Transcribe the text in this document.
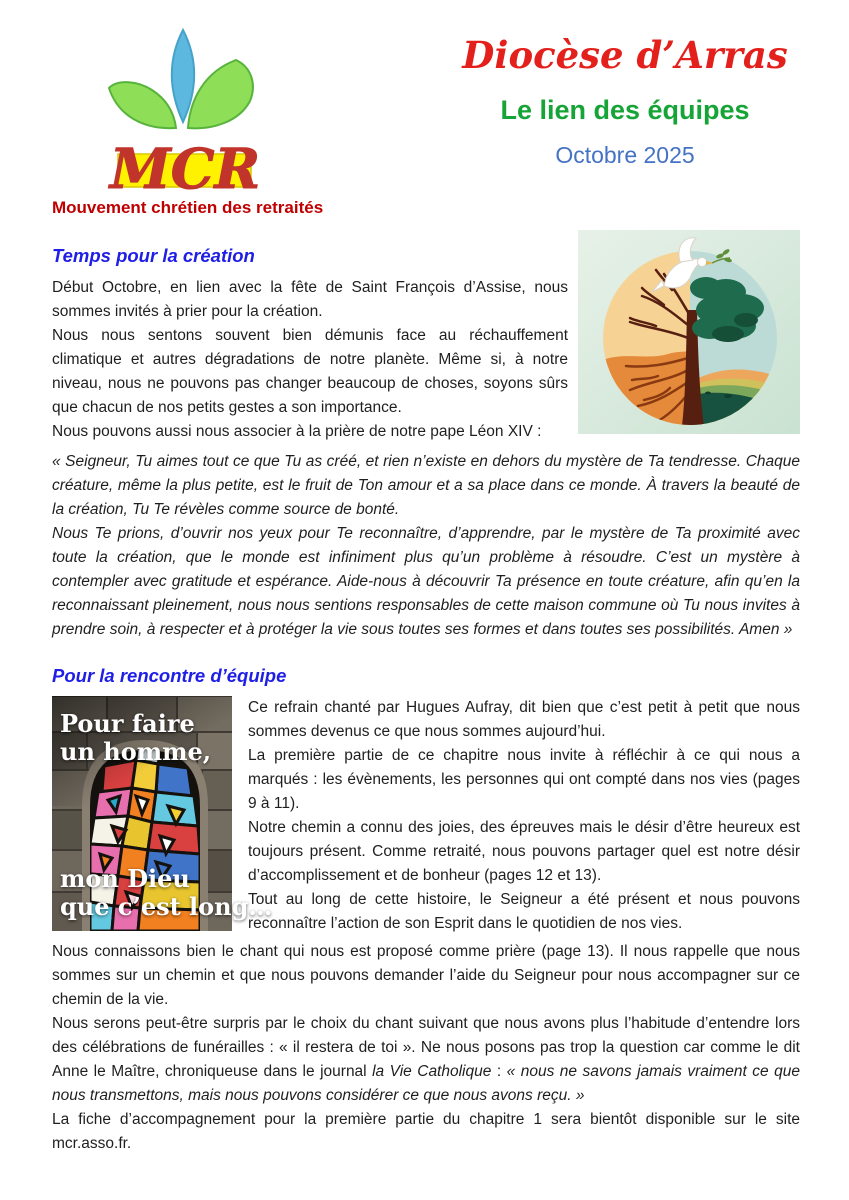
MCR
Mouvement chrétien des retraités
Diocèse d’Arras
Le lien des équipes
Octobre 2025
Temps pour la création

Début Octobre, en lien avec la fête de Saint François d’Assise, nous sommes invités à prier pour la création.

Nous nous sentons souvent bien démunis face au réchauffement climatique et autres dégradations de notre planète. Même si, à notre niveau, nous ne pouvons pas changer beaucoup de choses, soyons sûrs que chacun de nos petits gestes a son importance.

Nous pouvons aussi nous associer à la prière de notre pape Léon XIV :

« Seigneur, Tu aimes tout ce que Tu as créé, et rien n’existe en dehors du mystère de Ta tendresse. Chaque créature, même la plus petite, est le fruit de Ton amour et a sa place dans ce monde. À travers la beauté de la création, Tu Te révèles comme source de bonté.

Nous Te prions, d’ouvrir nos yeux pour Te reconnaître, d’apprendre, par le mystère de Ta proximité avec toute la création, que le monde est infiniment plus qu’un problème à résoudre. C’est un mystère à contempler avec gratitude et espérance. Aide-nous à découvrir Ta présence en toute créature, afin qu’en la reconnaissant pleinement, nous nous sentions responsables de cette maison commune où Tu nous invites à prendre soin, à respecter et à protéger la vie sous toutes ses formes et dans toutes ses possibilités. Amen »

Pour la rencontre d’équipe
Pour faire
un homme,
mon Dieu
que c’est long…

Ce refrain chanté par Hugues Aufray, dit bien que c’est petit à petit que nous sommes devenus ce que nous sommes aujourd’hui.

La première partie de ce chapitre nous invite à réfléchir à ce qui nous a marqués : les évènements, les personnes qui ont compté dans nos vies (pages 9 à 11).

Notre chemin a connu des joies, des épreuves mais le désir d’être heureux est toujours présent. Comme retraité, nous pouvons partager quel est notre désir d’accomplissement et de bonheur (pages 12 et 13).

Tout au long de cette histoire, le Seigneur a été présent et nous pouvons reconnaître l’action de son Esprit dans le quotidien de nos vies.

Nous connaissons bien le chant qui nous est proposé comme prière (page 13). Il nous rappelle que nous sommes sur un chemin et que nous pouvons demander l’aide du Seigneur pour nous accompagner sur ce chemin de la vie.

Nous serons peut-être surpris par le choix du chant suivant que nous avons plus l’habitude d’entendre lors des célébrations de funérailles : « il restera de toi ». Ne nous posons pas trop la question car comme le dit Anne le Maître, chroniqueuse dans le journal la Vie Catholique : « nous ne savons jamais vraiment ce que nous transmettons, mais nous pouvons considérer ce que nous avons reçu. »

La fiche d’accompagnement pour la première partie du chapitre 1 sera bientôt disponible sur le site mcr.asso.fr.
